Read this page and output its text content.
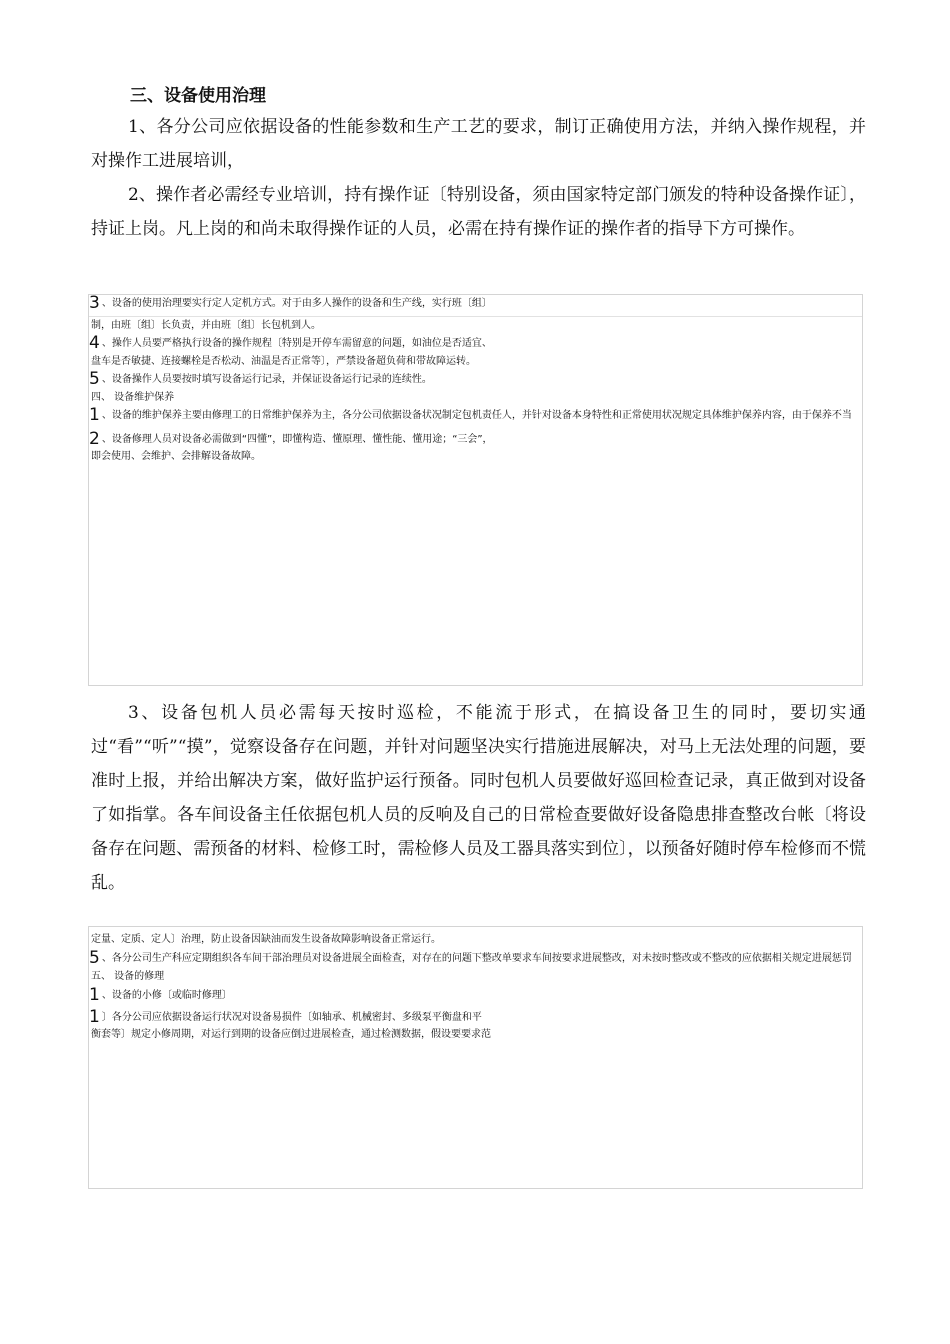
三、设备使用治理

1、各分公司应依据设备的性能参数和生产工艺的要求，制订正确使用方法，并纳入操作规程，并对操作工进展培训，

2、操作者必需经专业培训，持有操作证〔特别设备，须由国家特定部门颁发的特种设备操作证〕，持证上岗。凡上岗的和尚未取得操作证的人员，必需在持有操作证的操作者的指导下方可操作。

3 、设备的使用治理要实行定人定机方式。对于由多人操作的设备和生产线，实行班〔组〕
制，由班〔组〕长负责，并由班〔组〕长包机到人。
4 、操作人员要严格执行设备的操作规程〔特别是开停车需留意的问题，如油位是否适宜、
盘车是否敏捷、连接螺栓是否松动、油温是否正常等〕，严禁设备超负荷和带故障运转。
5 、设备操作人员要按时填写设备运行记录，并保证设备运行记录的连续性。
四、 设备维护保养
1 、设备的维护保养主要由修理工的日常维护保养为主，各分公司依据设备状况制定包机责任人，并针对设备本身特性和正常使用状况规定具体维护保养内容，由于保养不当
2 、设备修理人员对设备必需做到“四懂”，即懂构造、懂原理、懂性能、懂用途；“三会”，
即会使用、会维护、会排解设备故障。

3、设备包机人员必需每天按时巡检，不能流于形式，在搞设备卫生的同时，要切实通过“看”“听”“摸”，觉察设备存在问题，并针对问题坚决实行措施进展解决，对马上无法处理的问题，要准时上报，并给出解决方案，做好监护运行预备。同时包机人员要做好巡回检查记录，真正做到对设备了如指掌。各车间设备主任依据包机人员的反响及自己的日常检查要做好设备隐患排查整改台帐〔将设备存在问题、需预备的材料、检修工时，需检修人员及工器具落实到位〕，以预备好随时停车检修而不慌乱。

定量、定质、定人〕治理，防止设备因缺油而发生设备故障影响设备正常运行。
5 、各分公司生产科应定期组织各车间干部治理员对设备进展全面检查，对存在的问题下整改单要求车间按要求进展整改，对未按时整改或不整改的应依据相关规定进展惩罚
五、 设备的修理
1 、设备的小修〔或临时修理〕
1 〕各分公司应依据设备运行状况对设备易损件〔如轴承、机械密封、多级泵平衡盘和平
衡套等〕规定小修周期，对运行到期的设备应倒过进展检查，通过检测数据，假设要要求范
